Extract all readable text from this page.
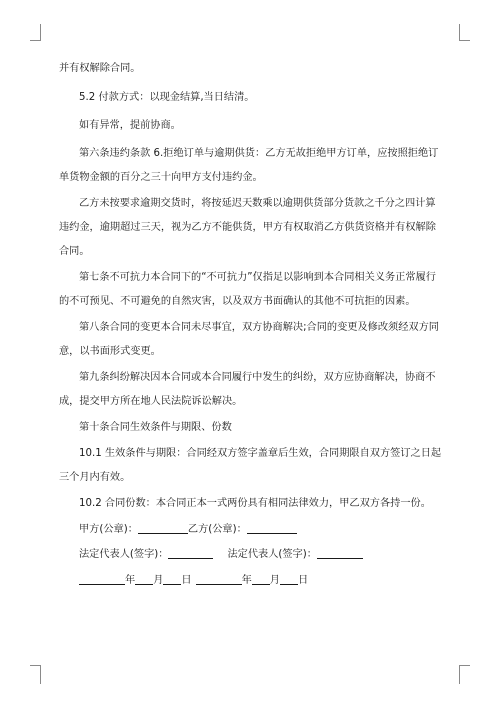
并有权解除合同。
5.2 付款方式：以现金结算,当日结清。
如有异常，提前协商。
第六条违约条款 6.拒绝订单与逾期供货：乙方无故拒绝甲方订单，应按照拒绝订
单货物金额的百分之三十向甲方支付违约金。
乙方未按要求逾期交货时，将按延迟天数乘以逾期供货部分货款之千分之四计算
违约金，逾期超过三天，视为乙方不能供货，甲方有权取消乙方供货资格并有权解除
合同。
第七条不可抗力本合同下的“不可抗力”仅指足以影响到本合同相关义务正常履行
的不可预见、不可避免的自然灾害，以及双方书面确认的其他不可抗拒的因素。
第八条合同的变更本合同未尽事宜，双方协商解决;合同的变更及修改须经双方同
意，以书面形式变更。
第九条纠纷解决因本合同或本合同履行中发生的纠纷，双方应协商解决，协商不
成，提交甲方所在地人民法院诉讼解决。
第十条合同生效条件与期限、份数
10.1 生效条件与期限：合同经双方签字盖章后生效，合同期限自双方签订之日起
三个月内有效。
10.2 合同份数：本合同正本一式两份具有相同法律效力，甲乙双方各持一份。
甲方(公章)：	乙方(公章)：
法定代表人(签字)：	法定代表人(签字)：
年 月 日	年 月 日
